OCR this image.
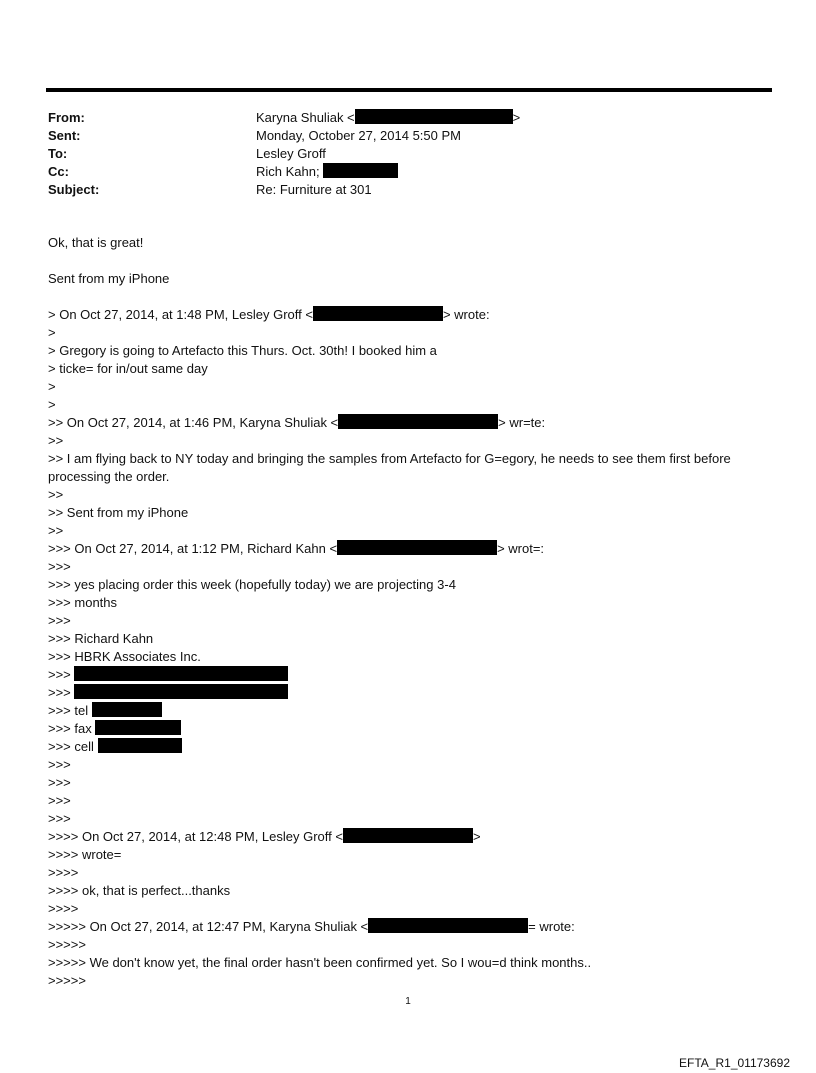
From:	Karyna Shuliak <	>
Sent:	Monday, October 27, 2014 5:50 PM
To:	Lesley Groff
Cc:	Rich Kahn;
Subject:	Re: Furniture at 301
Ok, that is great!
Sent from my iPhone
> On Oct 27, 2014, at 1:48 PM, Lesley Groff <	> wrote:
>
> Gregory is going to Artefacto this Thurs. Oct. 30th! I booked him a
> ticke= for in/out same day
>
>
>> On Oct 27, 2014, at 1:46 PM, Karyna Shuliak <	> wr=te:
>>
>> I am flying back to NY today and bringing the samples from Artefacto for G=egory, he needs to see them first before processing the order.
>>
>> Sent from my iPhone
>>
>>> On Oct 27, 2014, at 1:12 PM, Richard Kahn <	> wrot=:
>>>
>>> yes placing order this week (hopefully today) we are projecting 3-4
>>> months
>>>
>>> Richard Kahn
>>> HBRK Associates Inc.
>>>
>>>
>>> tel
>>> fax
>>> cell
>>>
>>>
>>>
>>>
>>>> On Oct 27, 2014, at 12:48 PM, Lesley Groff <	>
>>>> wrote=
>>>>
>>>> ok, that is perfect...thanks
>>>>
>>>>> On Oct 27, 2014, at 12:47 PM, Karyna Shuliak <	= wrote:
>>>>>
>>>>> We don't know yet, the final order hasn't been confirmed yet. So I wou=d think months..
>>>>>
1
EFTA_R1_01173692
